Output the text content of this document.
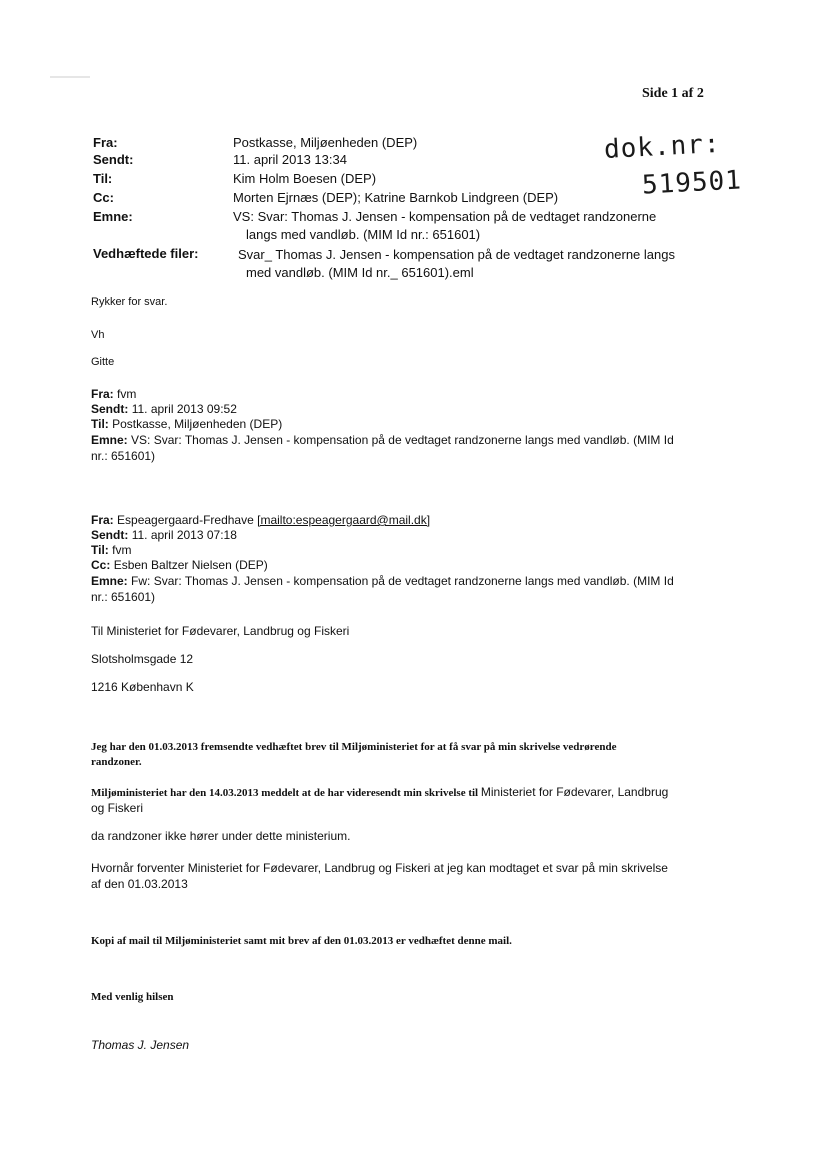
Side 1 af 2
dok.nr:
519501
Fra:	Postkasse, Miljøenheden (DEP)
Sendt:	11. april 2013 13:34
Til:	Kim Holm Boesen (DEP)
Cc:	Morten Ejrnæs (DEP); Katrine Barnkob Lindgreen (DEP)
Emne:	VS: Svar: Thomas J. Jensen - kompensation på de vedtaget randzonerne
langs med vandløb. (MIM Id nr.: 651601)
Vedhæftede filer:	Svar_ Thomas J. Jensen - kompensation på de vedtaget randzonerne langs
med vandløb. (MIM Id nr._ 651601).eml
Rykker for svar.
Vh
Gitte
Fra: fvm
Sendt: 11. april 2013 09:52
Til: Postkasse, Miljøenheden (DEP)
Emne: VS: Svar: Thomas J. Jensen - kompensation på de vedtaget randzonerne langs med vandløb. (MIM Id
nr.: 651601)
Fra: Espeagergaard-Fredhave [mailto:espeagergaard@mail.dk]
Sendt: 11. april 2013 07:18
Til: fvm
Cc: Esben Baltzer Nielsen (DEP)
Emne: Fw: Svar: Thomas J. Jensen - kompensation på de vedtaget randzonerne langs med vandløb. (MIM Id
nr.: 651601)
Til Ministeriet for Fødevarer, Landbrug og Fiskeri
Slotsholmsgade 12
1216 København K
Jeg har den 01.03.2013 fremsendte vedhæftet brev til Miljøministeriet for at få svar på min skrivelse vedrørende
randzoner.
Miljøministeriet har den 14.03.2013 meddelt at de har videresendt min skrivelse til Ministeriet for Fødevarer, Landbrug
og Fiskeri
da randzoner ikke hører under dette ministerium.
Hvornår forventer Ministeriet for Fødevarer, Landbrug og Fiskeri at jeg kan modtaget et svar på min skrivelse
af den 01.03.2013
Kopi af mail til Miljøministeriet samt mit brev af den 01.03.2013 er vedhæftet denne mail.
Med venlig hilsen
Thomas J. Jensen
